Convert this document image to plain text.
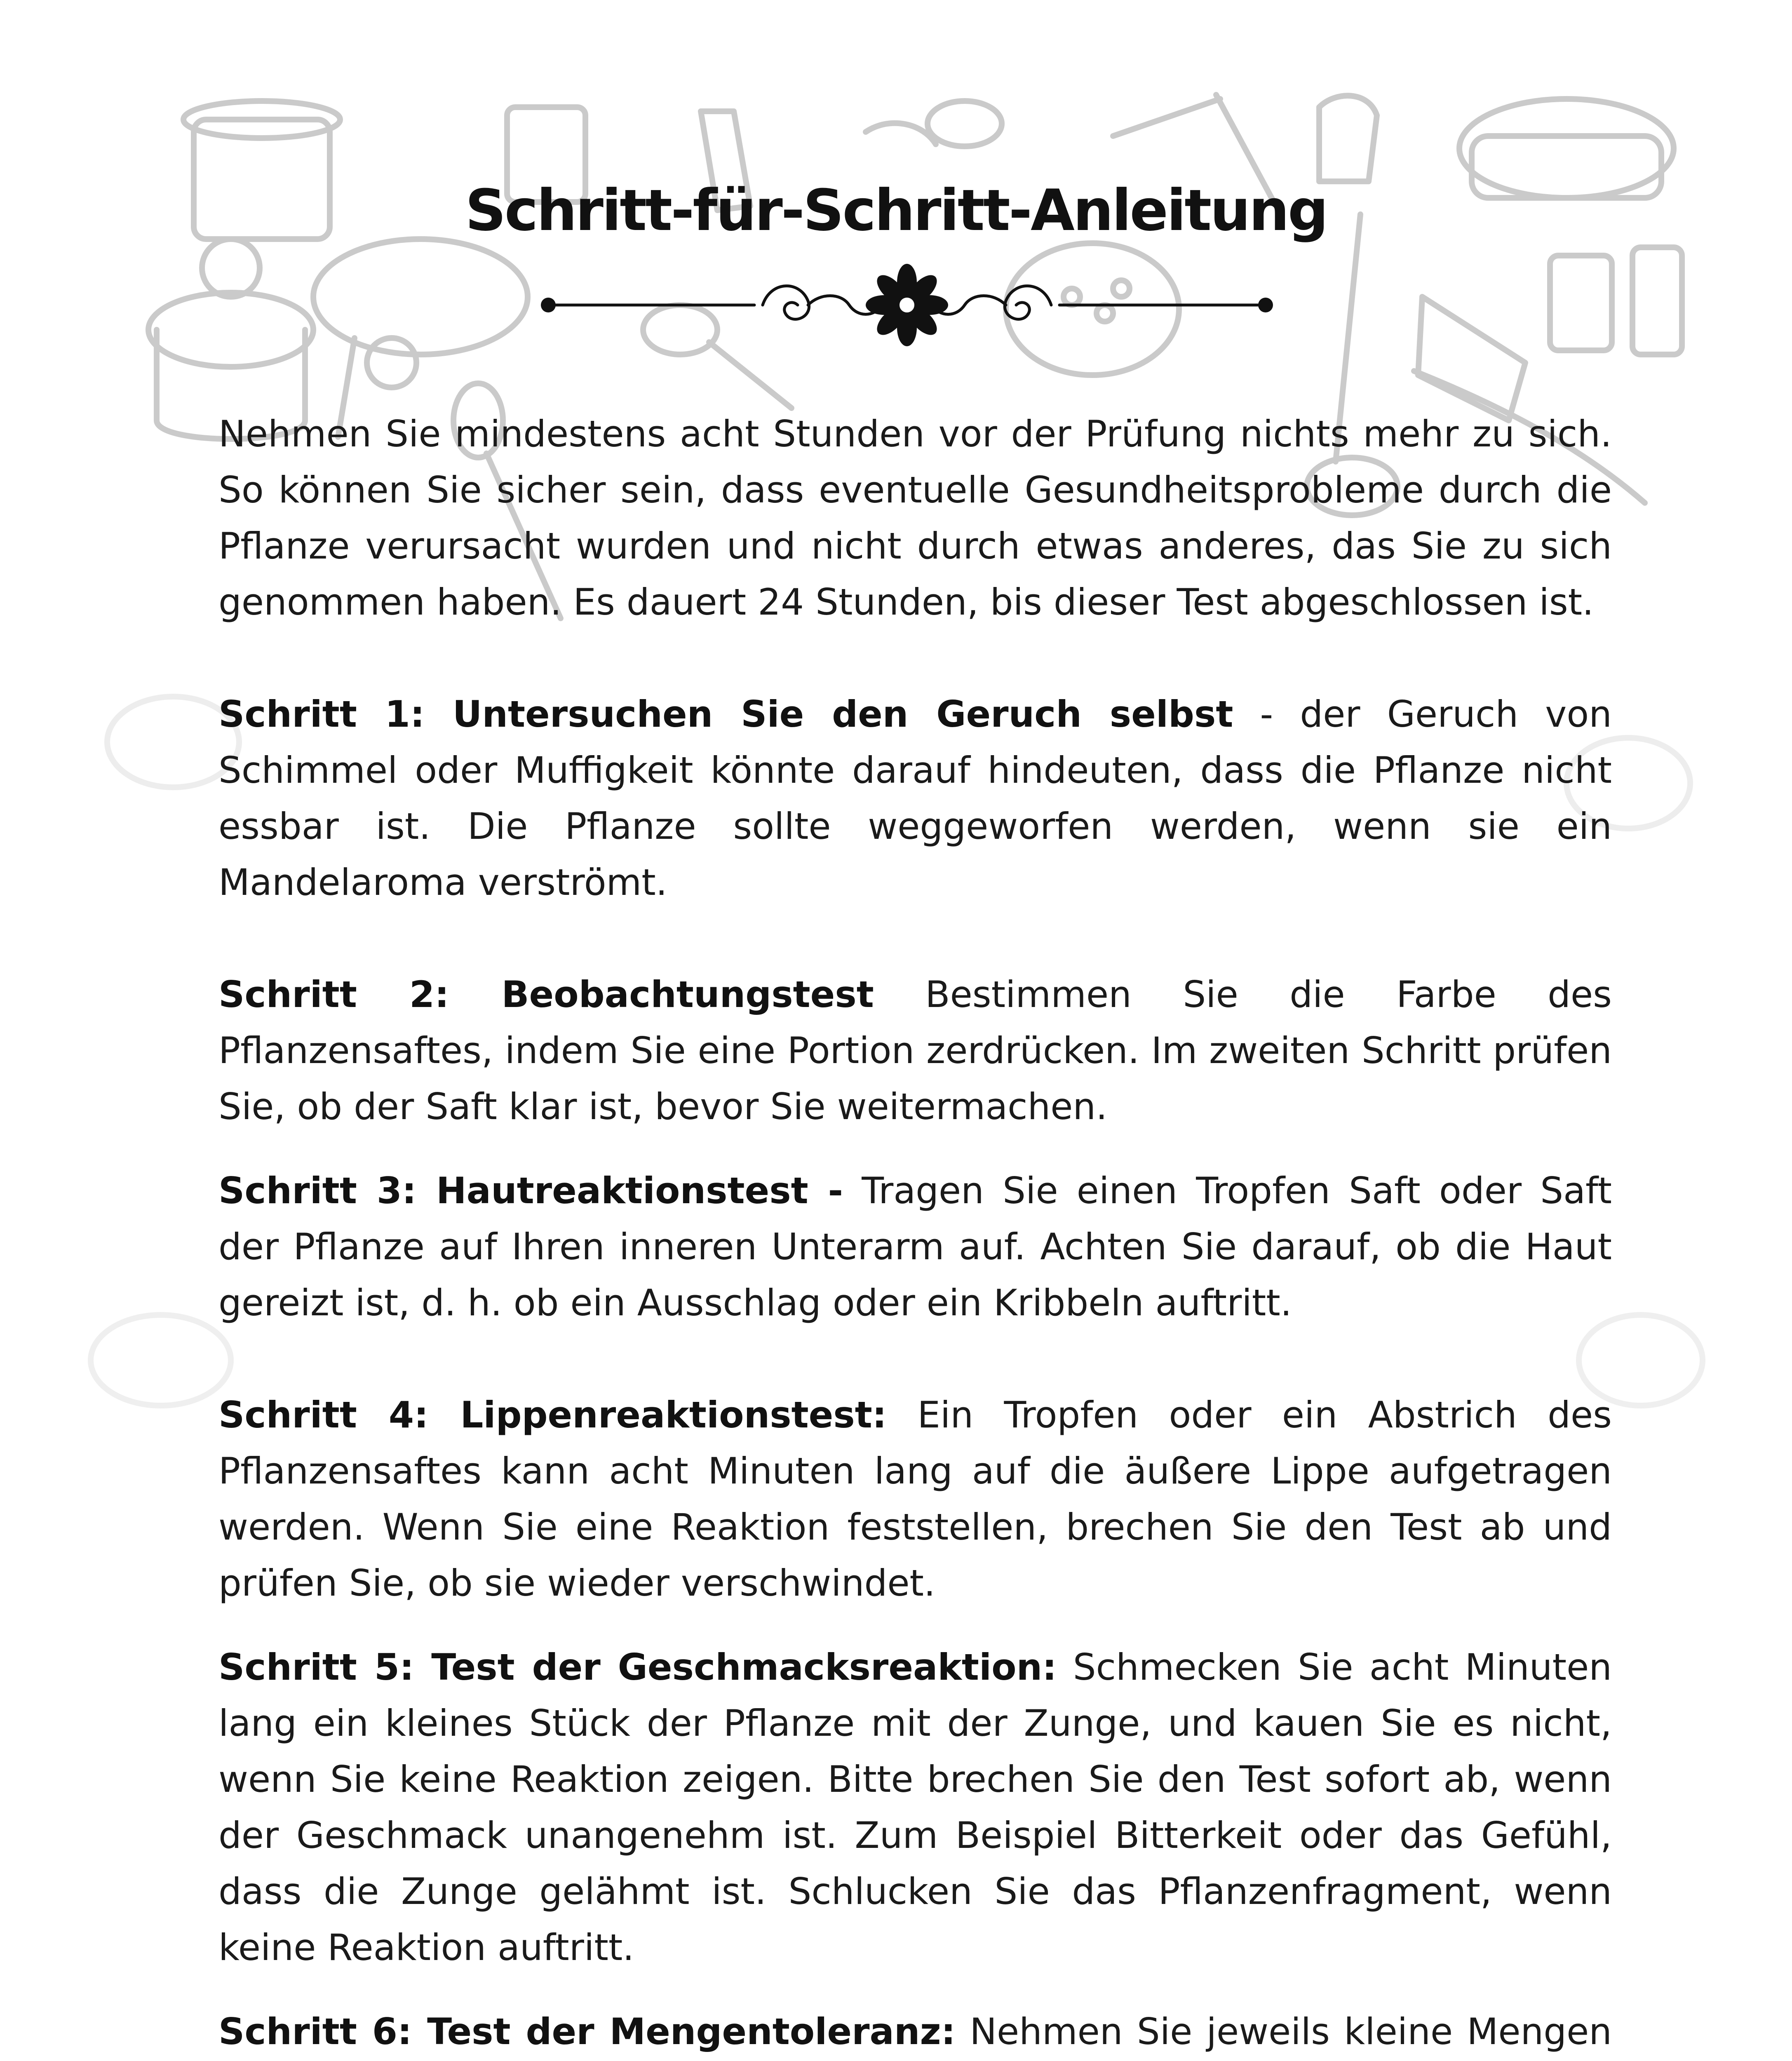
Schritt-für-Schritt-Anleitung

Nehmen Sie mindestens acht Stunden vor der Prüfung nichts mehr zu sich. So können Sie sicher sein, dass eventuelle Gesundheitsprobleme durch die Pflanze verursacht wurden und nicht durch etwas anderes, das Sie zu sich genommen haben. Es dauert 24 Stunden, bis dieser Test abgeschlossen ist.

Schritt 1: Untersuchen Sie den Geruch selbst - der Geruch von Schimmel oder Muffigkeit könnte darauf hindeuten, dass die Pflanze nicht essbar ist. Die Pflanze sollte weggeworfen werden, wenn sie ein Mandelaroma verströmt.

Schritt 2: Beobachtungstest Bestimmen Sie die Farbe des Pflanzensaftes, indem Sie eine Portion zerdrücken. Im zweiten Schritt prüfen Sie, ob der Saft klar ist, bevor Sie weitermachen.

Schritt 3: Hautreaktionstest - Tragen Sie einen Tropfen Saft oder Saft der Pflanze auf Ihren inneren Unterarm auf. Achten Sie darauf, ob die Haut gereizt ist, d. h. ob ein Ausschlag oder ein Kribbeln auftritt.

Schritt 4: Lippenreaktionstest: Ein Tropfen oder ein Abstrich des Pflanzensaftes kann acht Minuten lang auf die äußere Lippe aufgetragen werden. Wenn Sie eine Reaktion feststellen, brechen Sie den Test ab und prüfen Sie, ob sie wieder verschwindet.

Schritt 5: Test der Geschmacksreaktion: Schmecken Sie acht Minuten lang ein kleines Stück der Pflanze mit der Zunge, und kauen Sie es nicht, wenn Sie keine Reaktion zeigen. Bitte brechen Sie den Test sofort ab, wenn der Geschmack unangenehm ist. Zum Beispiel Bitterkeit oder das Gefühl, dass die Zunge gelähmt ist. Schlucken Sie das Pflanzenfragment, wenn keine Reaktion auftritt.

Schritt 6: Test der Mengentoleranz: Nehmen Sie jeweils kleine Mengen
